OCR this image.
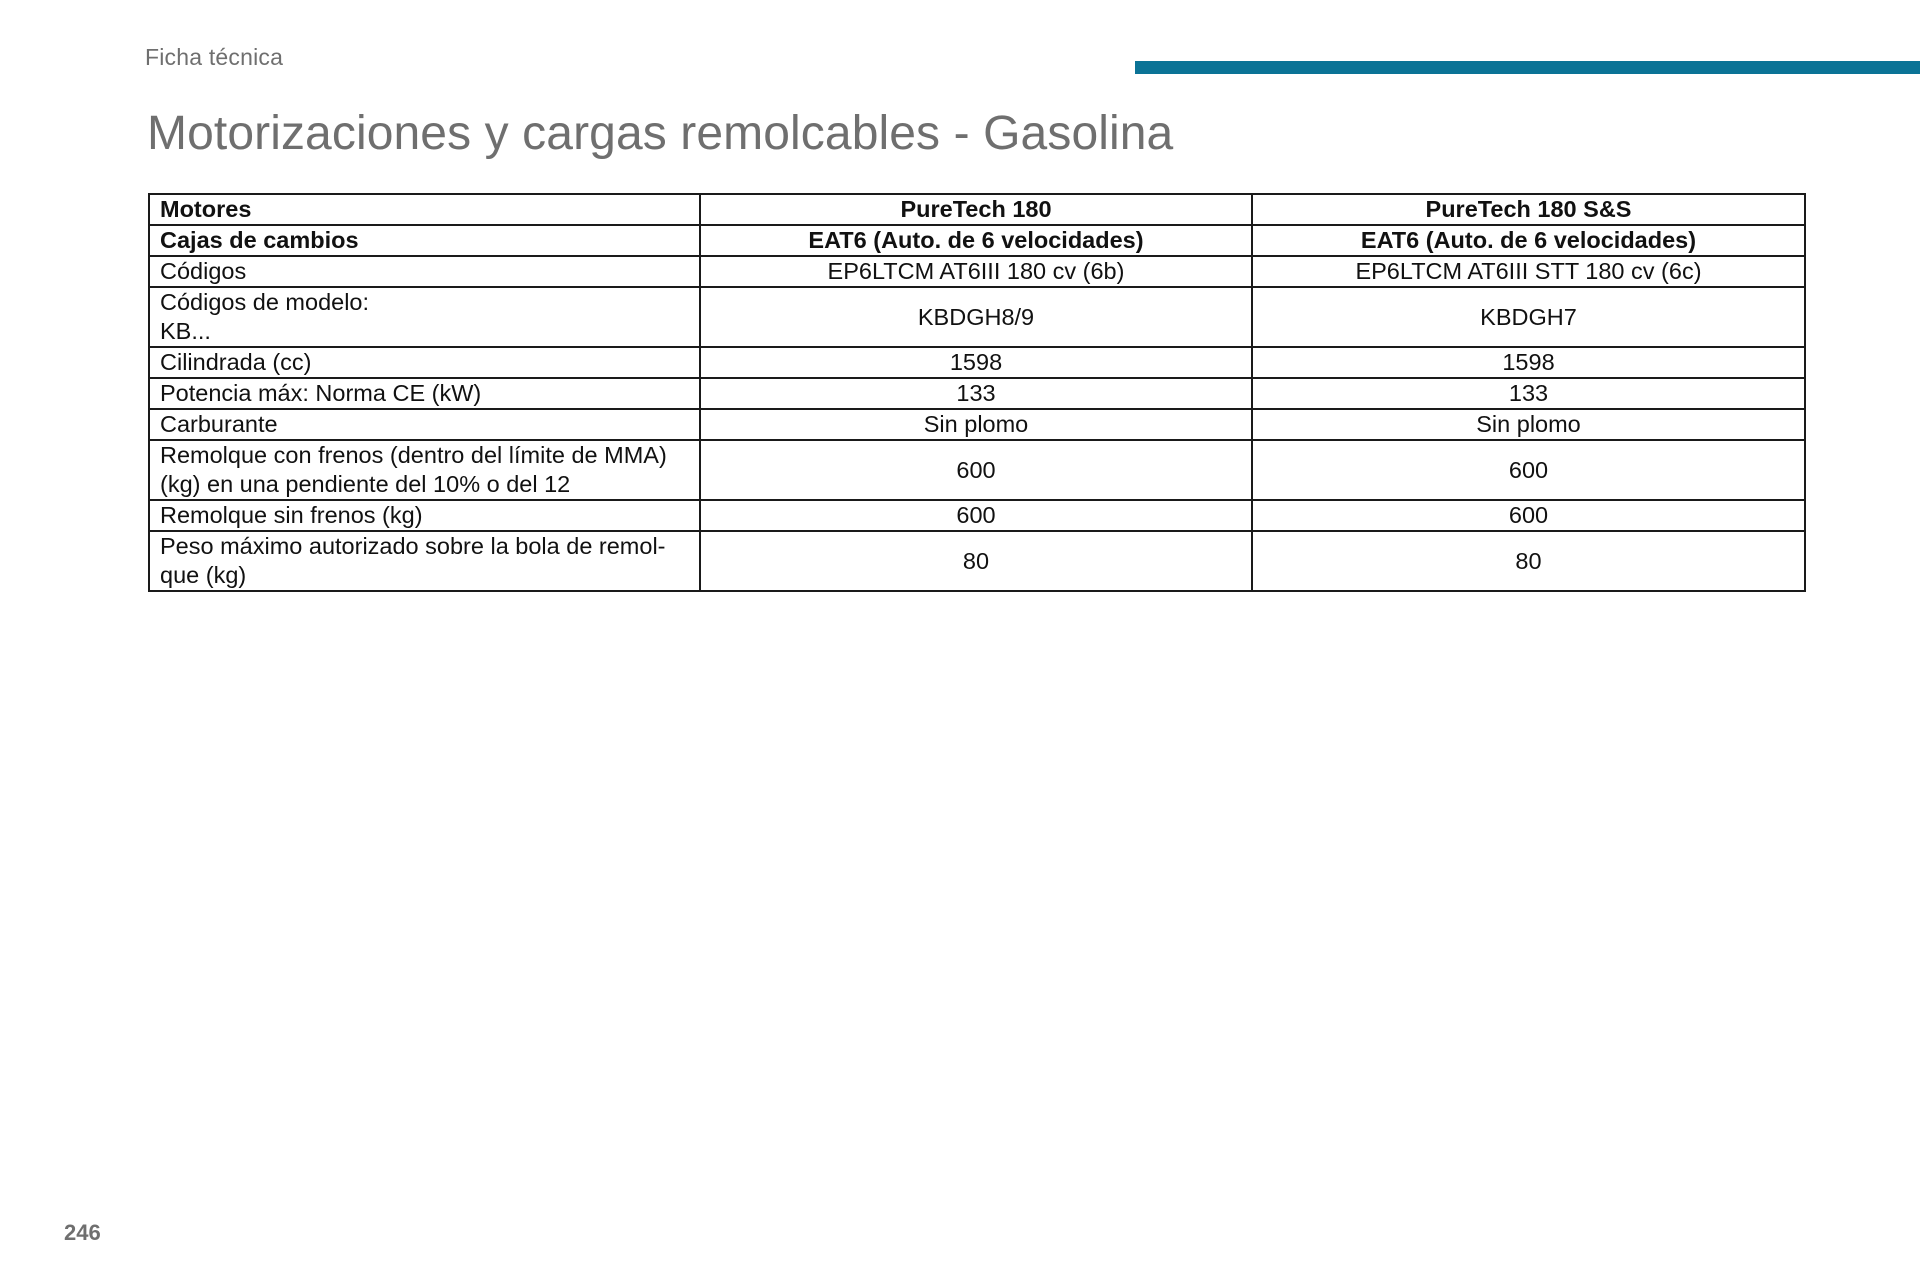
Ficha técnica
Motorizaciones y cargas remolcables - Gasolina
Motores	PureTech 180	PureTech 180 S&S
Cajas de cambios	EAT6 (Auto. de 6 velocidades)	EAT6 (Auto. de 6 velocidades)
Códigos	EP6LTCM AT6III 180 cv (6b)	EP6LTCM AT6III STT 180 cv (6c)
Códigos de modelo:
KB...	KBDGH8/9	KBDGH7
Cilindrada (cc)	1598	1598
Potencia máx: Norma CE (kW)	133	133
Carburante	Sin plomo	Sin plomo
Remolque con frenos (dentro del límite de MMA)
(kg) en una pendiente del 10% o del 12	600	600
Remolque sin frenos (kg)	600	600
Peso máximo autorizado sobre la bola de remol-
que (kg)	80	80
246
